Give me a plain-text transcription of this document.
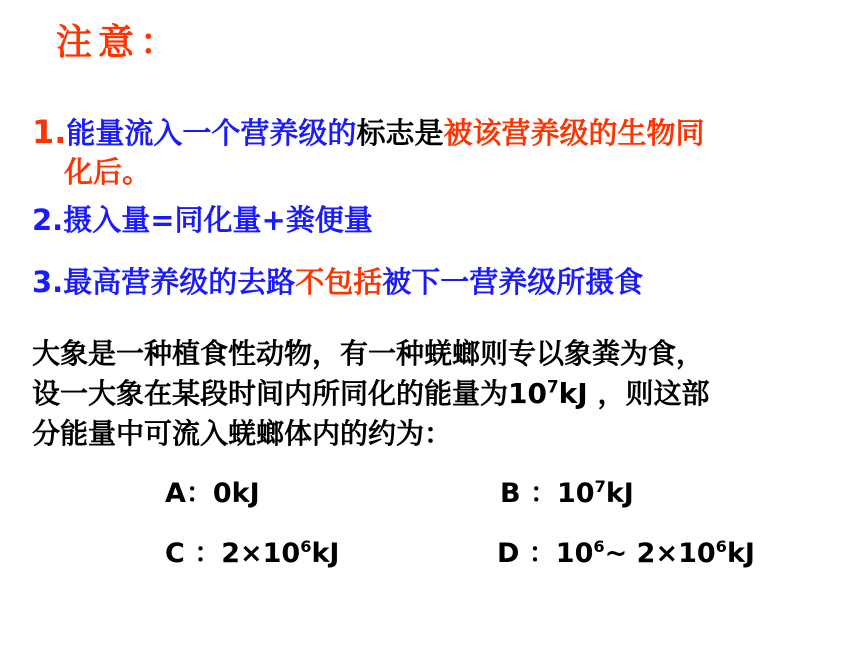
注意：
1.能量流入一个营养级的标志是被该营养级的生物同
化后。
2.摄入量=同化量+粪便量
3.最高营养级的去路不包括被下一营养级所摄食
大象是一种植食性动物，有一种蜣螂则专以象粪为食，
设一大象在某段时间内所同化的能量为$10^7kJ$ ，则这部
分能量中可流入蜣螂体内的约为：
A：0kJ	B ：$10^7kJ$
C ：$2\times 10^6kJ$	D ：$10^6\sim$ $2\times 10^6kJ$
